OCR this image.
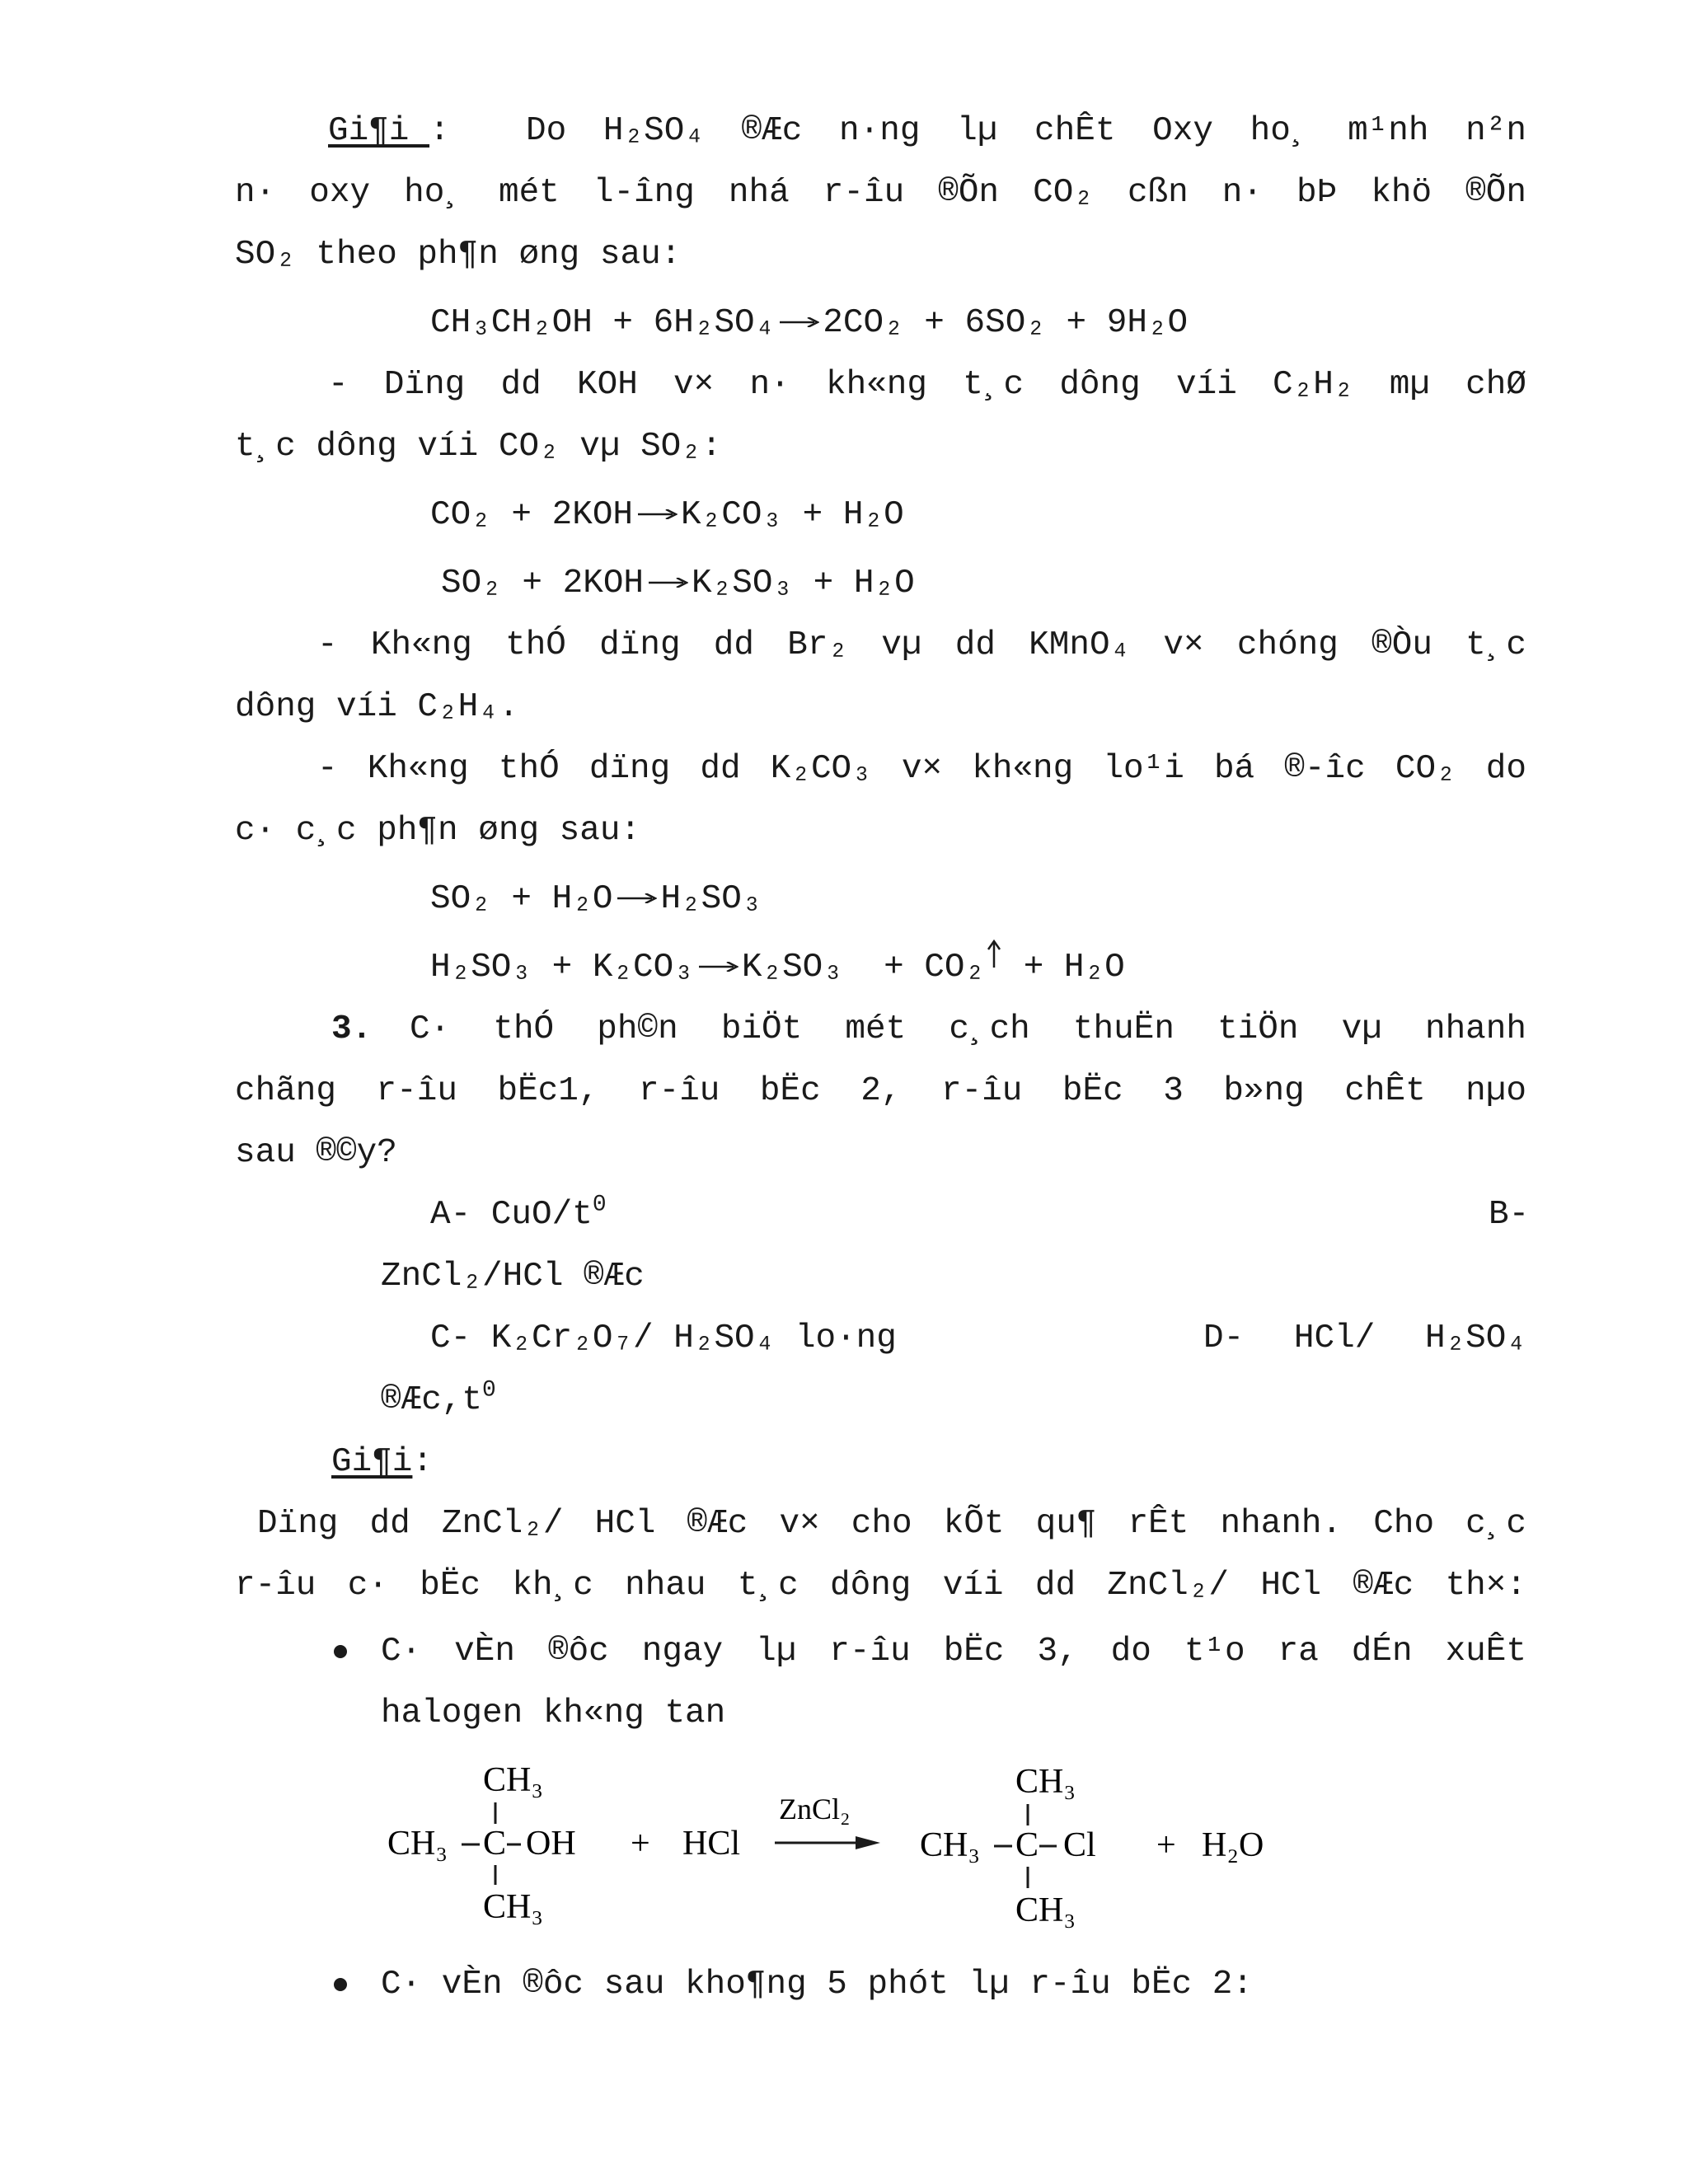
Gi¶i : Do H₂SO₄ ®Æc n·ng lµ chÊt Oxy ho¸ m¹nh n²n
n· oxy ho¸ mét l-îng nhá r-îu ®Õn CO₂ cßn n· bÞ khö ®Õn
SO₂ theo ph¶n øng sau:
CH₃CH₂OH + 6H₂SO₄ → 2CO₂ + 6SO₂ + 9H₂O
- Dïng dd KOH v× n· kh«ng t¸c dông víi C₂H₂ mµ chØ
t¸c dông víi CO₂ vµ SO₂:
CO₂ + 2KOH → K₂CO₃ + H₂O
SO₂ + 2KOH → K₂SO₃ + H₂O
- Kh«ng thÓ dïng dd Br₂ vµ dd KMnO₄ v× chóng ®Òu t¸c
dông víi C₂H₄.
- Kh«ng thÓ dïng dd K₂CO₃ v× kh«ng lo¹i bá ®-îc CO₂ do
c· c¸c ph¶n øng sau:
SO₂ + H₂O → H₂SO₃
H₂SO₃ + K₂CO₃ → K₂SO₃  + CO₂ + H₂O
3. C· thÓ ph©n biÖt mét c¸ch thuËn tiÖn vµ nhanh
chãng r-îu bËc1, r-îu bËc 2, r-îu bËc 3 b»ng chÊt nµo
sau ®©y?
A- CuO/$t^0$	B-
ZnCl₂/HCl ®Æc
C- K₂Cr₂O₇/ H₂SO₄ lo·ng	D- HCl/ H₂SO₄
$®Æc,t^0$
Gi¶i:
Dïng dd ZnCl₂/ HCl ®Æc v× cho kÕt qu¶ rÊt nhanh. Cho c¸c
r-îu c· bËc kh¸c nhau t¸c dông víi dd ZnCl₂/ HCl ®Æc th×:
C· vÈn ®ôc ngay lµ r-îu bËc 3, do t¹o ra dÉn xuÊt
halogen kh«ng tan
CH₃
CH₃ C OH
CH₃
+ HCl
ZnCl₂
CH₃
CH₃ C Cl
CH₃
+ H₂O
C· vÈn ®ôc sau kho¶ng 5 phót lµ r-îu bËc 2:
